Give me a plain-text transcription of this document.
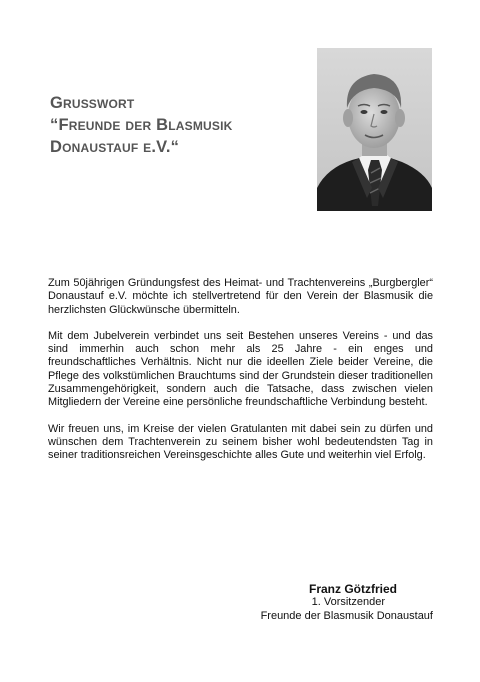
Grußwort
“Freunde der Blasmusik
Donaustauf e.V.“

Zum 50jährigen Gründungsfest des Heimat- und Trachtenvereins „Burgbergler“ Donaustauf e.V. möchte ich stellvertretend für den Verein der Blasmusik die herzlichsten Glückwünsche übermitteln.

Mit dem Jubelverein verbindet uns seit Bestehen unseres Vereins - und das sind immerhin auch schon mehr als 25 Jahre - ein enges und freundschaftliches Verhältnis. Nicht nur die ideellen Ziele beider Vereine, die Pflege des volkstümlichen Brauchtums sind der Grundstein dieser traditionellen Zusammengehörigkeit, sondern auch die Tatsache, dass zwischen vielen Mitgliedern der Vereine eine persönliche freundschaftliche Verbindung besteht.

Wir freuen uns, im Kreise der vielen Gratulanten mit dabei sein zu dürfen und wünschen dem Trachtenverein zu seinem bisher wohl bedeutendsten Tag in seiner traditionsreichen Vereinsgeschichte alles Gute und weiterhin viel Erfolg.

Franz Götzfried
1. Vorsitzender
Freunde der Blasmusik Donaustauf
